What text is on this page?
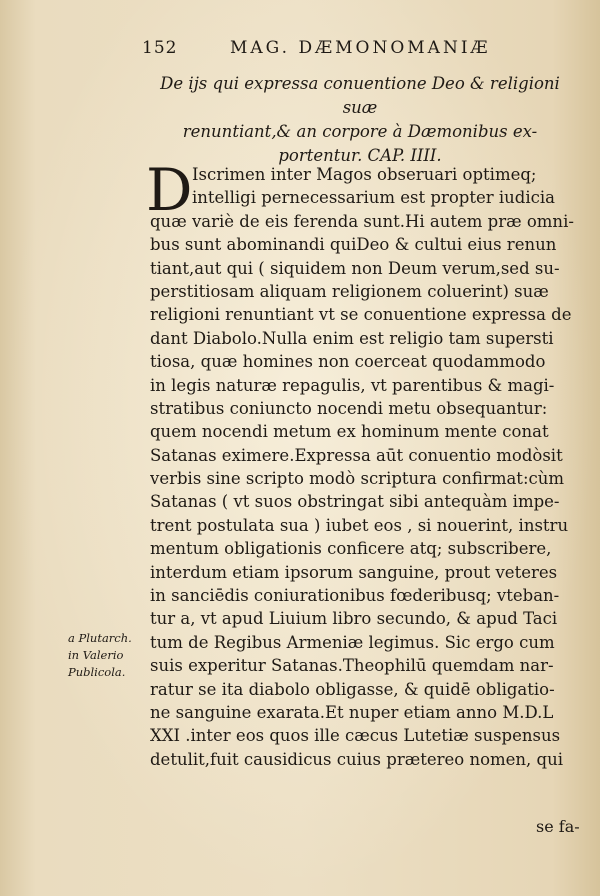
152	MAG. DÆMONOMANIÆ
De ijs qui expressa conuentione Deo & religioni suæ
renuntiant,& an corpore à Dæmonibus ex-
portentur. CAP. IIII.
D Iscrimen inter Magos obseruari optimeq;
intelligi pernecessarium est propter iudicia
quæ variè de eis ferenda sunt.Hi autem præ omni-
bus sunt abominandi quiDeo & cultui eius renun
tiant,aut qui ( siquidem non Deum verum,sed su-
perstitiosam aliquam religionem coluerint) suæ
religioni renuntiant vt se conuentione expressa de
dant Diabolo.Nulla enim est religio tam supersti
tiosa, quæ homines non coerceat quodammodo
in legis naturæ repagulis, vt parentibus & magi-
stratibus coniuncto nocendi metu obsequantur:
quem nocendi metum ex hominum mente conat
Satanas eximere.Expressa aūt conuentio modòsit
verbis sine scripto modò scriptura confirmat:cùm
Satanas ( vt suos obstringat sibi antequàm impe-
trent postulata sua ) iubet eos , si nouerint, instru
mentum obligationis conficere atq; subscribere,
interdum etiam ipsorum sanguine, prout veteres
in sanciēdis coniurationibus fœderibusq; vteban-
tur a, vt apud Liuium libro secundo, & apud Taci
tum de Regibus Armeniæ legimus. Sic ergo cum
suis experitur Satanas.Theophilū quemdam nar-
ratur se ita diabolo obligasse, & quidē obligatio-
ne sanguine exarata.Et nuper etiam anno M.D.L
XXI .inter eos quos ille cæcus Lutetiæ suspensus
detulit,fuit causidicus cuius prætereo nomen, qui
a Plutarch.
in Valerio
Publicola.
se fa-
